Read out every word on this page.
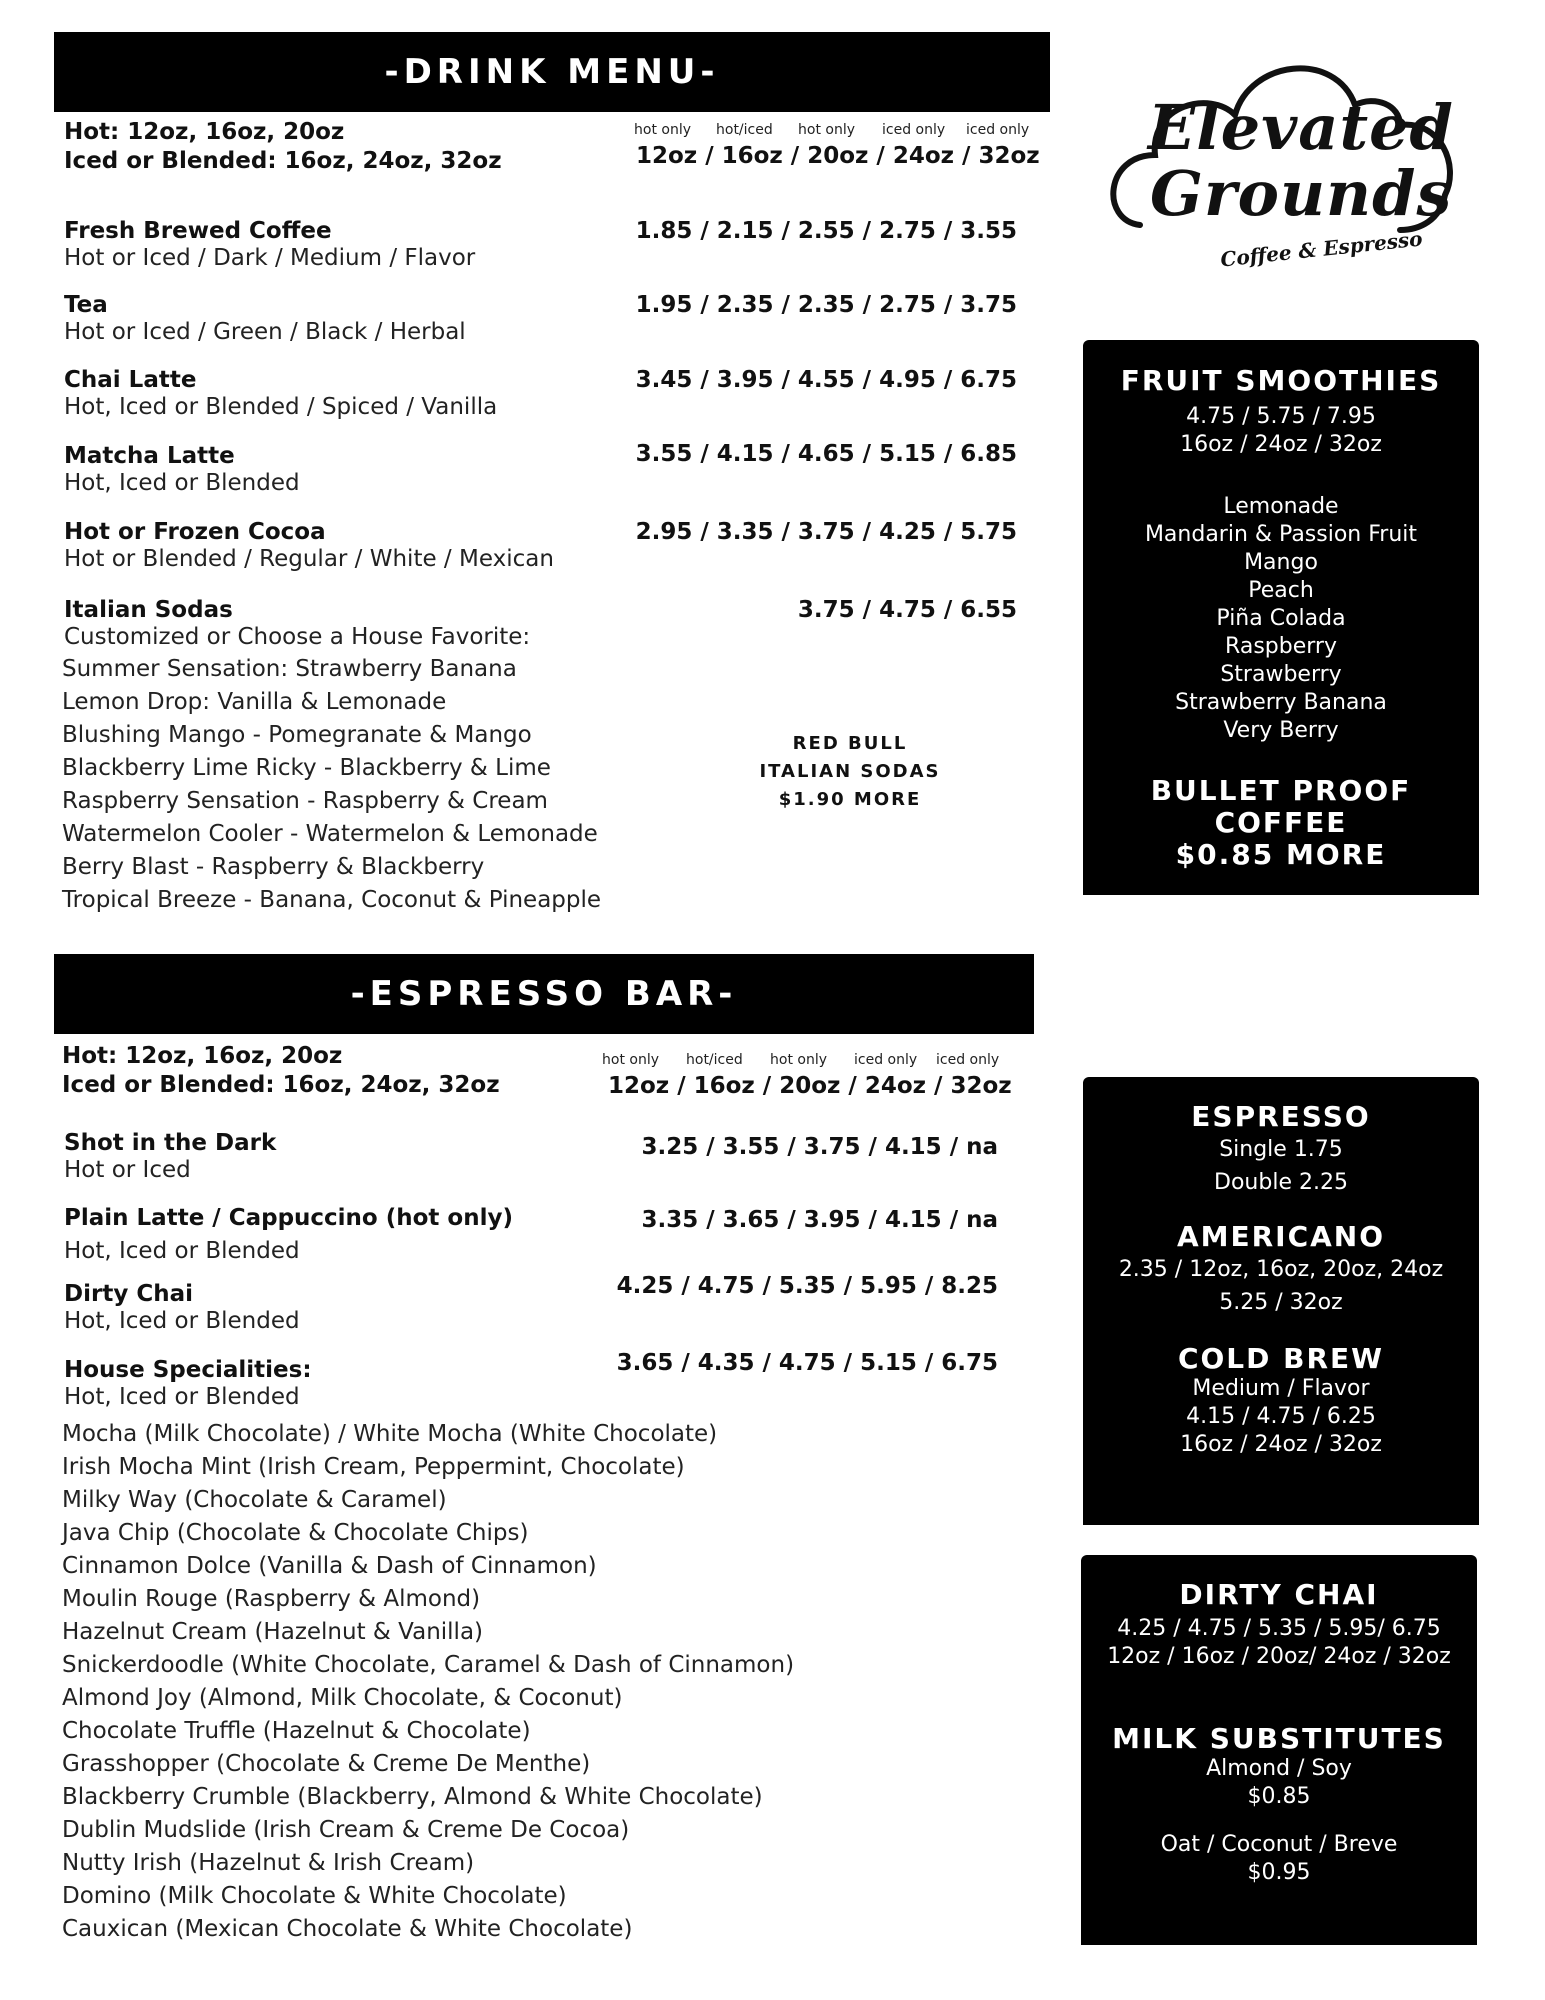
-DRINK MENU-
Hot: 12oz, 16oz, 20oz
Iced or Blended: 16oz, 24oz, 32oz
hot only hot/iced hot only iced only iced only
12oz / 16oz / 20oz / 24oz / 32oz
Fresh Brewed Coffee
Hot or Iced / Dark / Medium / Flavor
1.85 / 2.15 / 2.55 / 2.75 / 3.55
Tea
Hot or Iced / Green / Black / Herbal
1.95 / 2.35 / 2.35 / 2.75 / 3.75
Chai Latte
Hot, Iced or Blended / Spiced / Vanilla
3.45 / 3.95 / 4.55 / 4.95 / 6.75
Matcha Latte
Hot, Iced or Blended
3.55 / 4.15 / 4.65 / 5.15 / 6.85
Hot or Frozen Cocoa
Hot or Blended / Regular / White / Mexican
2.95 / 3.35 / 3.75 / 4.25 / 5.75
Italian Sodas
Customized or Choose a House Favorite:
3.75 / 4.75 / 6.55
Summer Sensation: Strawberry Banana
Lemon Drop: Vanilla & Lemonade
Blushing Mango - Pomegranate & Mango
Blackberry Lime Ricky - Blackberry & Lime
Raspberry Sensation - Raspberry & Cream
Watermelon Cooler - Watermelon & Lemonade
Berry Blast - Raspberry & Blackberry
Tropical Breeze - Banana, Coconut & Pineapple
RED BULL
ITALIAN SODAS
$1.90 MORE
Elevated
Grounds
Coffee & Espresso
FRUIT SMOOTHIES
4.75 / 5.75 / 7.95
16oz / 24oz / 32oz
Lemonade
Mandarin & Passion Fruit
Mango
Peach
Piña Colada
Raspberry
Strawberry
Strawberry Banana
Very Berry
BULLET PROOF
COFFEE
$0.85 MORE
-ESPRESSO BAR-
Hot: 12oz, 16oz, 20oz
Iced or Blended: 16oz, 24oz, 32oz
hot only hot/iced hot only iced only iced only
12oz / 16oz / 20oz / 24oz / 32oz
Shot in the Dark
Hot or Iced
3.25 / 3.55 / 3.75 / 4.15 / na
Plain Latte / Cappuccino (hot only)
Hot, Iced or Blended
3.35 / 3.65 / 3.95 / 4.15 / na
Dirty Chai
Hot, Iced or Blended
4.25 / 4.75 / 5.35 / 5.95 / 8.25
House Specialities:
Hot, Iced or Blended
3.65 / 4.35 / 4.75 / 5.15 / 6.75
Mocha (Milk Chocolate) / White Mocha (White Chocolate)
Irish Mocha Mint (Irish Cream, Peppermint, Chocolate)
Milky Way (Chocolate & Caramel)
Java Chip (Chocolate & Chocolate Chips)
Cinnamon Dolce (Vanilla & Dash of Cinnamon)
Moulin Rouge (Raspberry & Almond)
Hazelnut Cream (Hazelnut & Vanilla)
Snickerdoodle (White Chocolate, Caramel & Dash of Cinnamon)
Almond Joy (Almond, Milk Chocolate, & Coconut)
Chocolate Truffle (Hazelnut & Chocolate)
Grasshopper (Chocolate & Creme De Menthe)
Blackberry Crumble (Blackberry, Almond & White Chocolate)
Dublin Mudslide (Irish Cream & Creme De Cocoa)
Nutty Irish (Hazelnut & Irish Cream)
Domino (Milk Chocolate & White Chocolate)
Cauxican (Mexican Chocolate & White Chocolate)
ESPRESSO
Single 1.75
Double 2.25
AMERICANO
2.35 / 12oz, 16oz, 20oz, 24oz
5.25 / 32oz
COLD BREW
Medium / Flavor
4.15 / 4.75 / 6.25
16oz / 24oz / 32oz
DIRTY CHAI
4.25 / 4.75 / 5.35 / 5.95/ 6.75
12oz / 16oz / 20oz/ 24oz / 32oz
MILK SUBSTITUTES
Almond / Soy
$0.85
Oat / Coconut / Breve
$0.95
